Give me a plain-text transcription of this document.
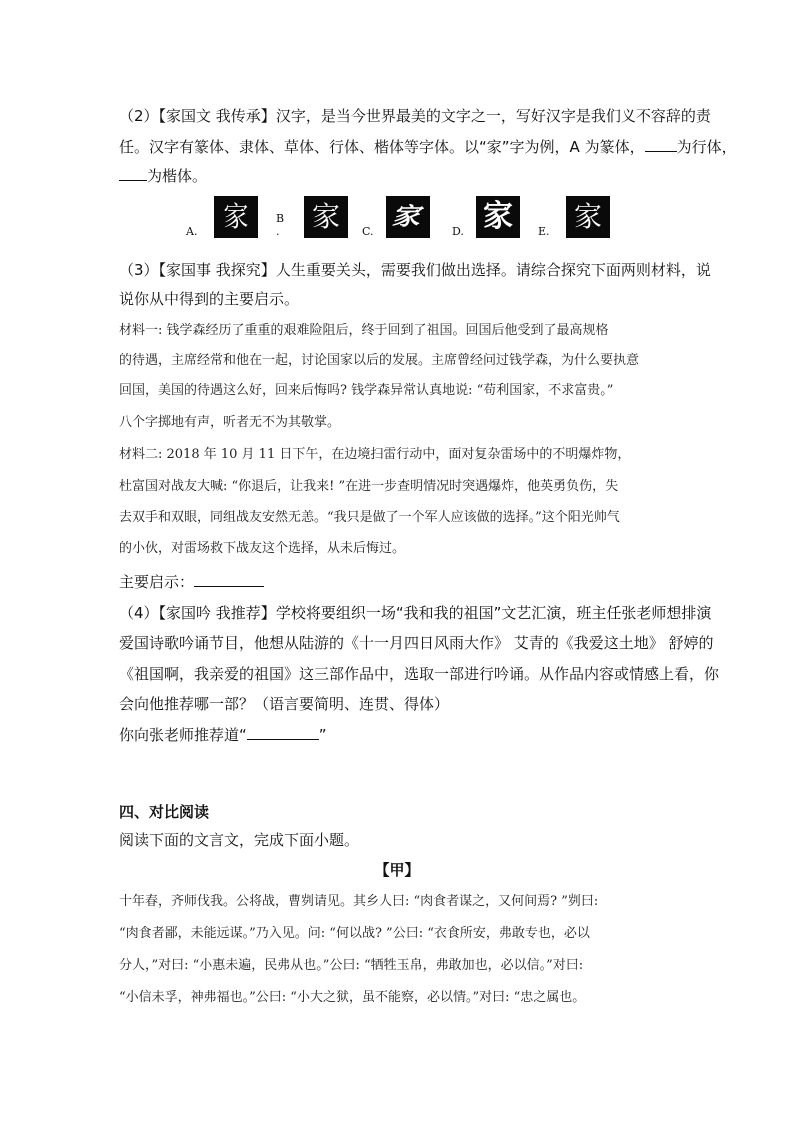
（2）【家国文 我传承】汉字，是当今世界最美的文字之一，写好汉字是我们义不容辞的责
任。汉字有篆体、隶体、草体、行体、楷体等字体。以“家”字为例，A 为篆体， 为行体，
为楷体。
A. 家 B . 家 C.
家
D. 家 E. 家
（3）【家国事 我探究】人生重要关头，需要我们做出选择。请综合探究下面两则材料，说
说你从中得到的主要启示。
材料一: 钱学森经历了重重的艰难险阻后，终于回到了祖国。回国后他受到了最高规格
的待遇，主席经常和他在一起，讨论国家以后的发展。主席曾经问过钱学森，为什么要执意
回国，美国的待遇这么好，回来后悔吗? 钱学森异常认真地说: “苟利国家，不求富贵。”
八个字掷地有声，听者无不为其敬掌。
材料二: 2018 年 10 月 11 日下午，在边境扫雷行动中，面对复杂雷场中的不明爆炸物，
杜富国对战友大喊: “你退后，让我来! ”在进一步查明情况时突遇爆炸，他英勇负伤，失
去双手和双眼，同组战友安然无恙。“我只是做了一个军人应该做的选择。”这个阳光帅气
的小伙，对雷场救下战友这个选择，从未后悔过。
主要启示：
（4）【家国吟 我推荐】学校将要组织一场“我和我的祖国”文艺汇演，班主任张老师想排演
爱国诗歌吟诵节目，他想从陆游的《十一月四日风雨大作》 艾青的《我爱这土地》 舒婷的
《祖国啊，我亲爱的祖国》这三部作品中，选取一部进行吟诵。从作品内容或情感上看，你
会向他推荐哪一部？（语言要简明、连贯、得体）
你向张老师推荐道“	”
四、对比阅读
阅读下面的文言文，完成下面小题。
【甲】
十年春，齐师伐我。公将战，曹刿请见。其乡人曰: “肉食者谋之，又何间焉? ”刿曰:
“肉食者鄙，未能远谋。”乃入见。问: “何以战? ”公曰: “衣食所安，弗敢专也，必以
分人，”对曰: “小惠未遍，民弗从也。”公曰: “牺牲玉帛，弗敢加也，必以信。”对曰:
“小信未孚，神弗福也。”公曰: “小大之狱，虽不能察，必以情。”对曰: “忠之属也。
